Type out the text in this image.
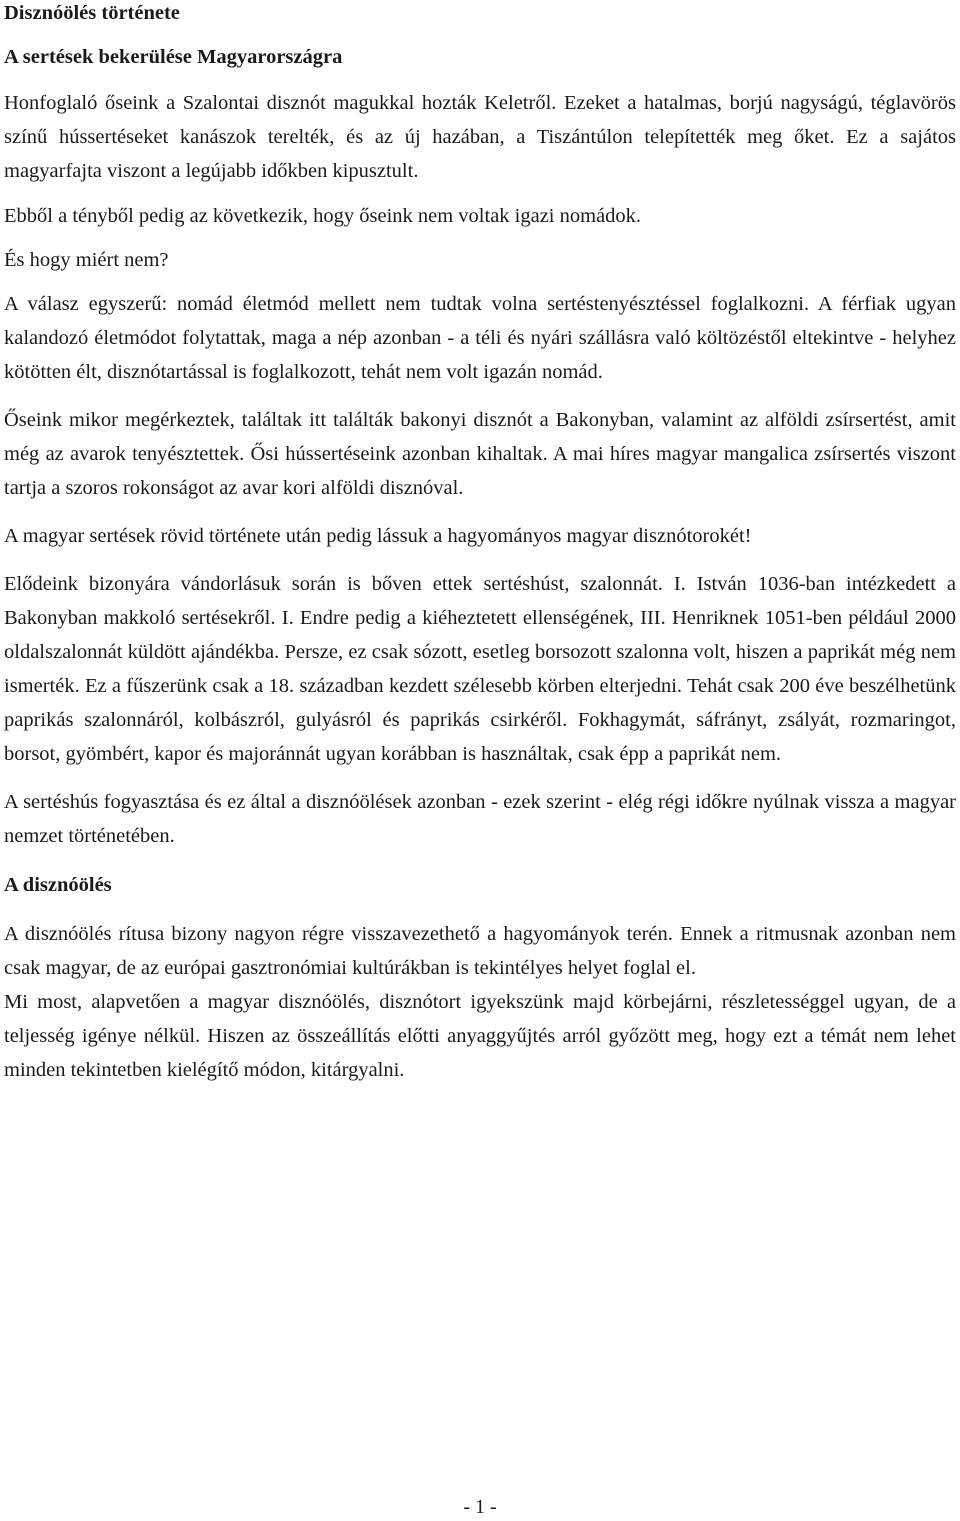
Disznóölés története
A sertések bekerülése Magyarországra

Honfoglaló őseink a Szalontai disznót magukkal hozták Keletről. Ezeket a hatalmas, borjú nagyságú, téglavörös színű hússertéseket kanászok terelték, és az új hazában, a Tiszántúlon telepítették meg őket. Ez a sajátos magyarfajta viszont a legújabb időkben kipusztult.

Ebből a tényből pedig az következik, hogy őseink nem voltak igazi nomádok.

És hogy miért nem?

A válasz egyszerű: nomád életmód mellett nem tudtak volna sertéstenyésztéssel foglalkozni. A férfiak ugyan kalandozó életmódot folytattak, maga a nép azonban - a téli és nyári szállásra való költözéstől eltekintve - helyhez kötötten élt, disznótartással is foglalkozott, tehát nem volt igazán nomád.

Őseink mikor megérkeztek, találtak itt találták bakonyi disznót a Bakonyban, valamint az alföldi zsírsertést, amit még az avarok tenyésztettek. Ősi hússertéseink azonban kihaltak. A mai híres magyar mangalica zsírsertés viszont tartja a szoros rokonságot az avar kori alföldi disznóval.

A magyar sertések rövid története után pedig lássuk a hagyományos magyar disznótorokét!

Elődeink bizonyára vándorlásuk során is bőven ettek sertéshúst, szalonnát. I. István 1036-ban intézkedett a Bakonyban makkoló sertésekről. I. Endre pedig a kiéheztetett ellenségének, III. Henriknek 1051-ben például 2000 oldalszalonnát küldött ajándékba. Persze, ez csak sózott, esetleg borsozott szalonna volt, hiszen a paprikát még nem ismerték. Ez a fűszerünk csak a 18. században kezdett szélesebb körben elterjedni. Tehát csak 200 éve beszélhetünk paprikás szalonnáról, kolbászról, gulyásról és paprikás csirkéről. Fokhagymát, sáfrányt, zsályát, rozmaringot, borsot, gyömbért, kapor és majoránnát ugyan korábban is használtak, csak épp a paprikát nem.

A sertéshús fogyasztása és ez által a disznóölések azonban - ezek szerint - elég régi időkre nyúlnak vissza a magyar nemzet történetében.

A disznóölés

A disznóölés rítusa bizony nagyon régre visszavezethető a hagyományok terén. Ennek a ritmusnak azonban nem csak magyar, de az európai gasztronómiai kultúrákban is tekintélyes helyet foglal el.

Mi most, alapvetően a magyar disznóölés, disznótort igyekszünk majd körbejárni, részletességgel ugyan, de a teljesség igénye nélkül. Hiszen az összeállítás előtti anyaggyűjtés arról győzött meg, hogy ezt a témát nem lehet minden tekintetben kielégítő módon, kitárgyalni.

- 1 -
